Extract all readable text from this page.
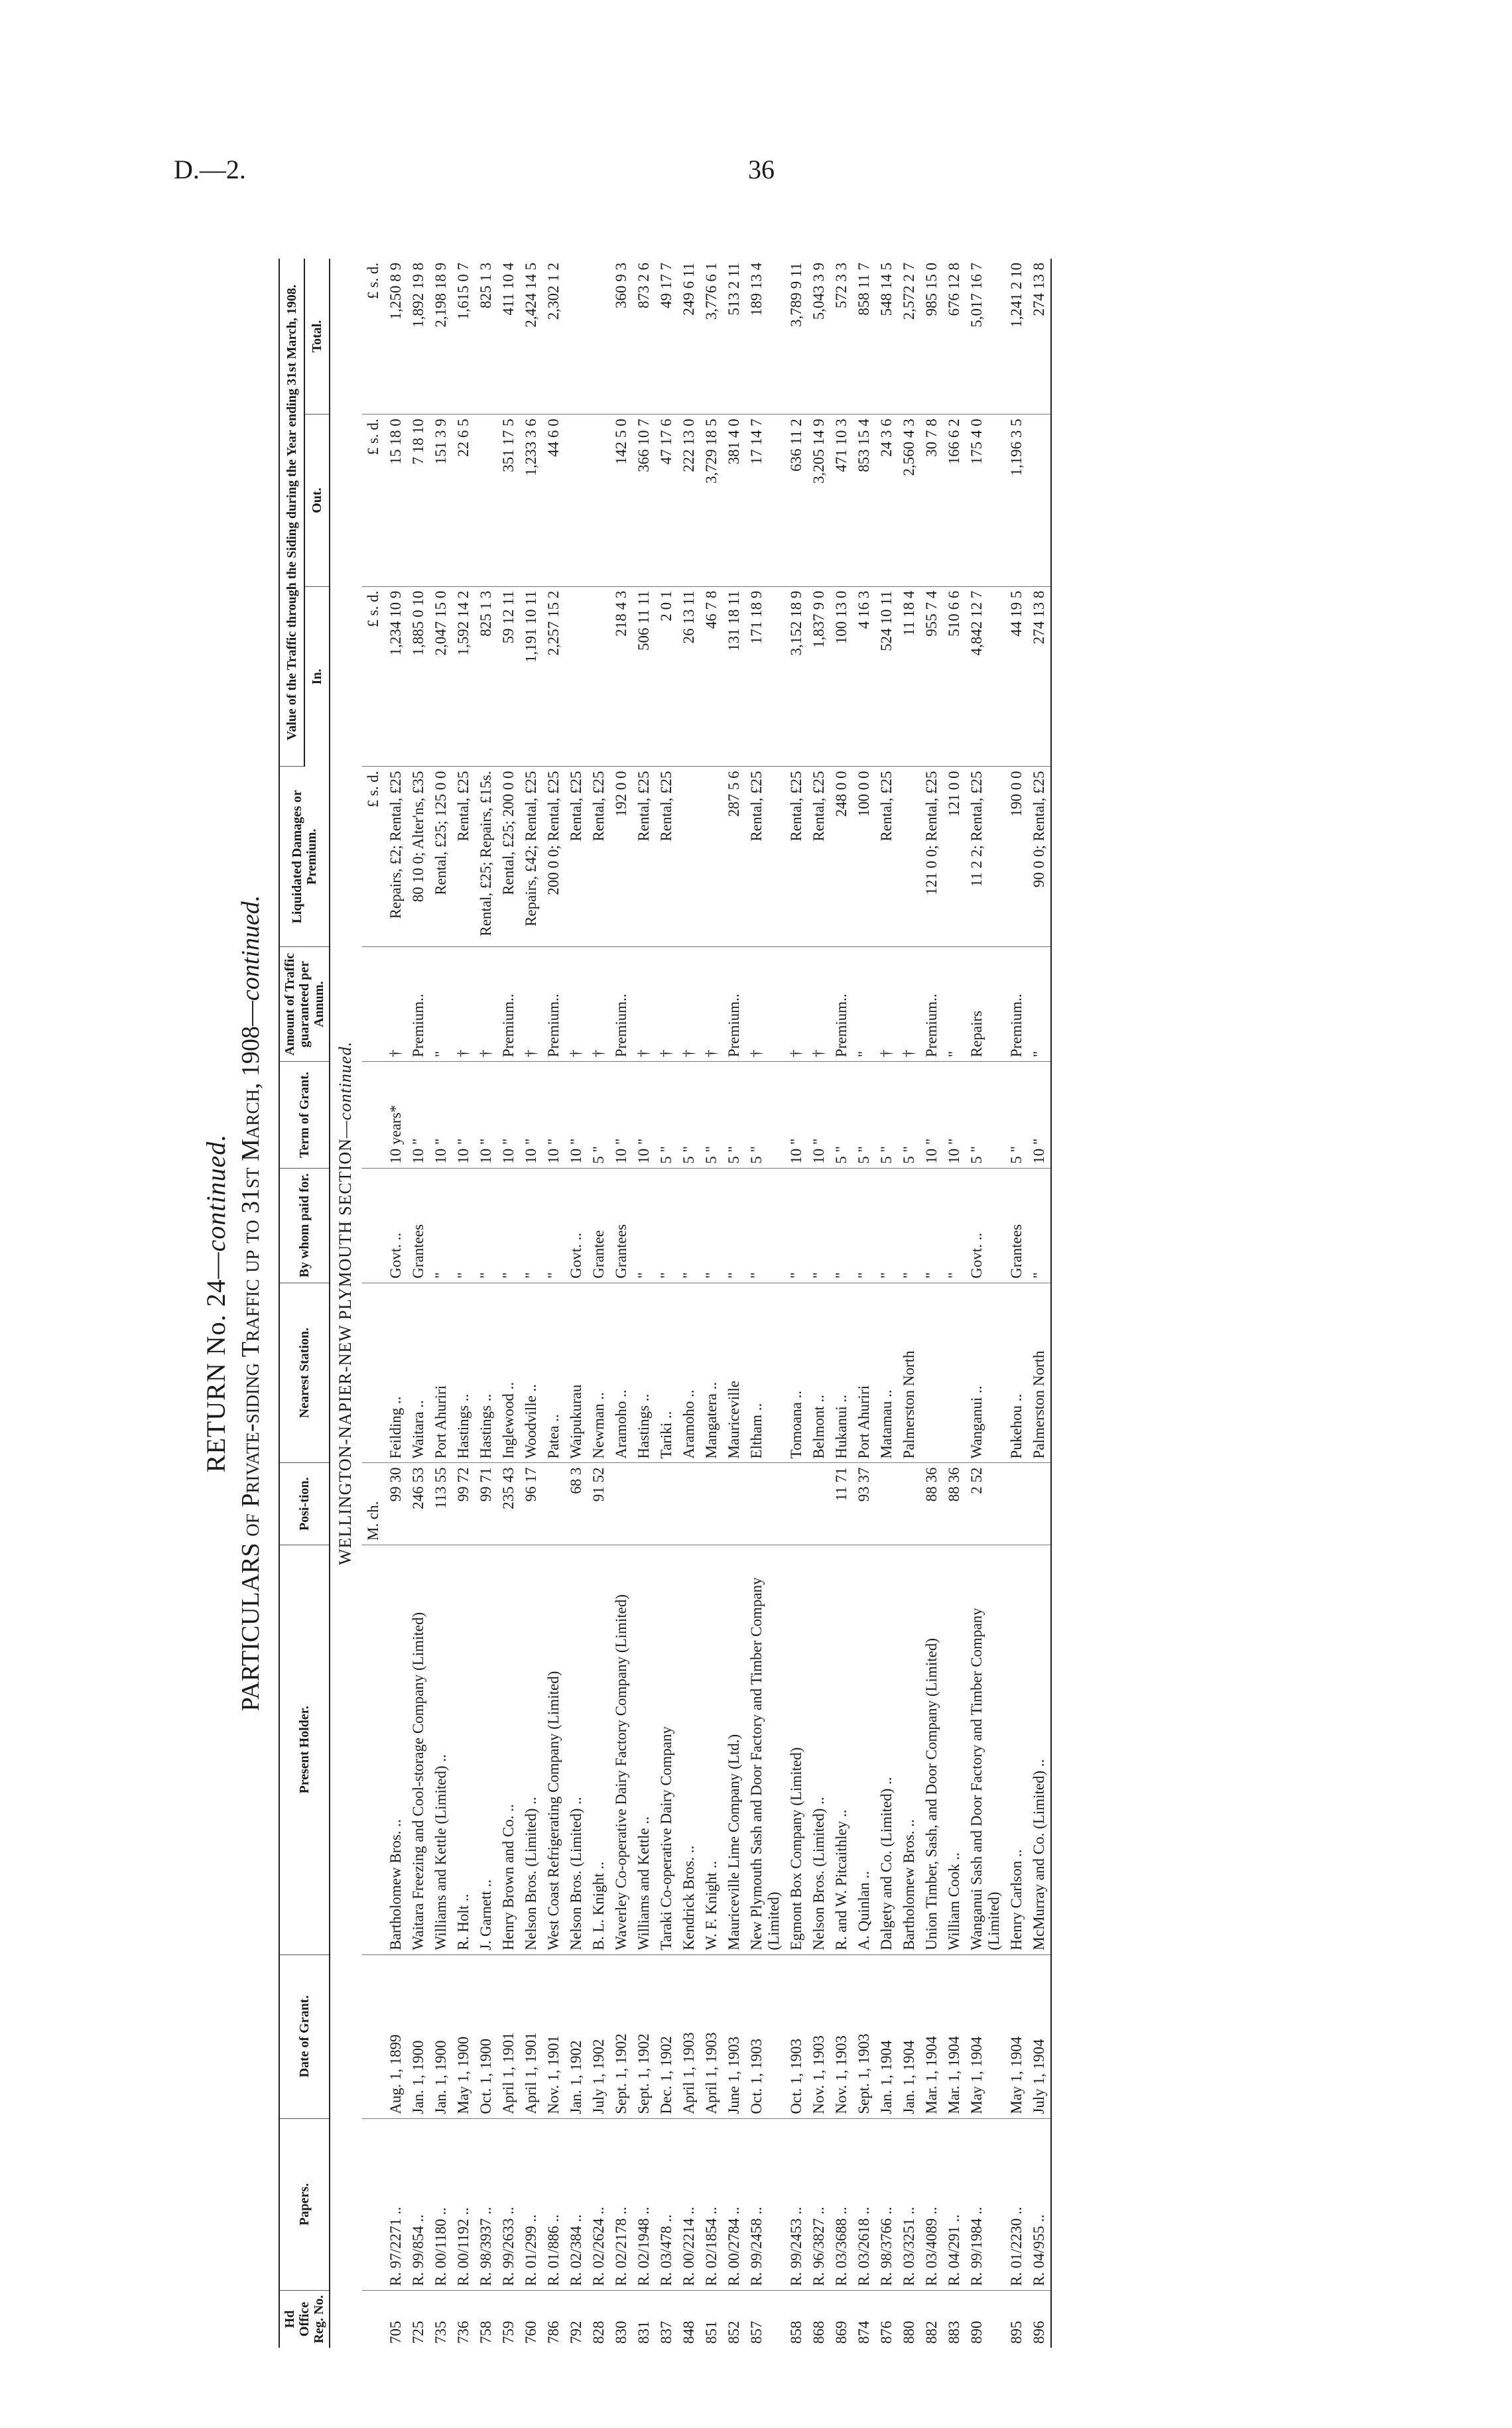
D.—2.	36
RETURN No. 24—continued. PARTICULARS of Private-siding Traffic up to 31st March, 1908—continued.
Hd Office Reg. No.	Papers.	Date of Grant.	Present Holder.	Posi-tion.	Nearest Station.	By whom paid for.	Term of Grant.	Amount of Traffic guaranteed per Annum.	Liquidated Damages or Premium.	Value of the Traffic through the Siding during the Year ending 31st March, 1908.		
										In.	Out.	Total.
WELLINGTON-NAPIER-NEW PLYMOUTH SECTION—continued.												
				M. ch.					£ s. d.	£ s. d.	£ s. d.	£ s. d.
705	R. 97/2271 ..	Aug. 1, 1899	Bartholomew Bros. ..	99 30	Feilding ..	Govt. ..	10 years*	†	Repairs, £2; Rental, £25	1,234 10 9	15 18 0	1,250 8 9
725	R. 99/854 ..	Jan. 1, 1900	Waitara Freezing and Cool-storage Company (Limited)	246 53	Waitara ..	Grantees	10 "	Premium..	80 10 0; Alter'ns, £35	1,885 0 10	7 18 10	1,892 19 8
735	R. 00/1180 ..	Jan. 1, 1900	Williams and Kettle (Limited) ..	113 55	Port Ahuriri	"	10 "	"	Rental, £25; 125 0 0	2,047 15 0	151 3 9	2,198 18 9
736	R. 00/1192 ..	May 1, 1900	R. Holt ..	99 72	Hastings ..	"	10 "	†	Rental, £25	1,592 14 2	22 6 5	1,615 0 7
758	R. 98/3937 ..	Oct. 1, 1900	J. Garnett ..	99 71	Hastings ..	"	10 "	†	Rental, £25; Repairs, £15s.	825 1 3		825 1 3
759	R. 99/2633 ..	April 1, 1901	Henry Brown and Co. ..	235 43	Inglewood ..	"	10 "	Premium..	Rental, £25; 200 0 0	59 12 11	351 17 5	411 10 4
760	R. 01/299 ..	April 1, 1901	Nelson Bros. (Limited) ..	96 17	Woodville ..	"	10 "	†	Repairs, £42; Rental, £25	1,191 10 11	1,233 3 6	2,424 14 5
786	R. 01/886 ..	Nov. 1, 1901	West Coast Refrigerating Company (Limited)		Patea ..	"	10 "	Premium..	200 0 0; Rental, £25	2,257 15 2	44 6 0	2,302 1 2
792	R. 02/384 ..	Jan. 1, 1902	Nelson Bros. (Limited) ..	68 3	Waipukurau	Govt. ..	10 "	†	Rental, £25			
828	R. 02/2624 ..	July 1, 1902	B. L. Knight ..	91 52	Newman ..	Grantee	5 "	†	Rental, £25			
830	R. 02/2178 ..	Sept. 1, 1902	Waverley Co-operative Dairy Factory Company (Limited)		Aramoho ..	Grantees	10 "	Premium..	192 0 0	218 4 3	142 5 0	360 9 3
831	R. 02/1948 ..	Sept. 1, 1902	Williams and Kettle ..		Hastings ..	"	10 "	†	Rental, £25	506 11 11	366 10 7	873 2 6
837	R. 03/478 ..	Dec. 1, 1902	Taraki Co-operative Dairy Company		Tariki ..	"	5 "	†	Rental, £25	2 0 1	47 17 6	49 17 7
848	R. 00/2214 ..	April 1, 1903	Kendrick Bros. ..		Aramoho ..	"	5 "	†		26 13 11	222 13 0	249 6 11
851	R. 02/1854 ..	April 1, 1903	W. F. Knight ..		Mangatera ..	"	5 "	†		46 7 8	3,729 18 5	3,776 6 1
852	R. 00/2784 ..	June 1, 1903	Mauriceville Lime Company (Ltd.)		Mauriceville	"	5 "	Premium..	287 5 6	131 18 11	381 4 0	513 2 11
857	R. 99/2458 ..	Oct. 1, 1903	New Plymouth Sash and Door Factory and Timber Company (Limited)		Eltham ..	"	5 "	†	Rental, £25	171 18 9	17 14 7	189 13 4
858	R. 99/2453 ..	Oct. 1, 1903	Egmont Box Company (Limited)		Tomoana ..	"	10 "	†	Rental, £25	3,152 18 9	636 11 2	3,789 9 11
868	R. 96/3827 ..	Nov. 1, 1903	Nelson Bros. (Limited) ..		Belmont ..	"	10 "	†	Rental, £25	1,837 9 0	3,205 14 9	5,043 3 9
869	R. 03/3688 ..	Nov. 1, 1903	R. and W. Pitcaithley ..	11 71	Hukanui ..	"	5 "	Premium..	248 0 0	100 13 0	471 10 3	572 3 3
874	R. 03/2618 ..	Sept. 1, 1903	A. Quinlan ..	93 37	Port Ahuriri	"	5 "	"	100 0 0	4 16 3	853 15 4	858 11 7
876	R. 98/3766 ..	Jan. 1, 1904	Dalgety and Co. (Limited) ..		Matamau ..	"	5 "	†	Rental, £25	524 10 11	24 3 6	548 14 5
880	R. 03/3251 ..	Jan. 1, 1904	Bartholomew Bros. ..		Palmerston North	"	5 "	†		11 18 4	2,560 4 3	2,572 2 7
882	R. 03/4089 ..	Mar. 1, 1904	Union Timber, Sash, and Door Company (Limited)	88 36		"	10 "	Premium..	121 0 0; Rental, £25	955 7 4	30 7 8	985 15 0
883	R. 04/291 ..	Mar. 1, 1904	William Cook ..	88 36		"	10 "	"	121 0 0	510 6 6	166 6 2	676 12 8
890	R. 99/1984 ..	May 1, 1904	Wanganui Sash and Door Factory and Timber Company (Limited)	2 52	Wanganui ..	Govt. ..	5 "	Repairs	11 2 2; Rental, £25	4,842 12 7	175 4 0	5,017 16 7
895	R. 01/2230 ..	May 1, 1904	Henry Carlson ..		Pukehou ..	Grantees	5 "	Premium..	190 0 0	44 19 5	1,196 3 5	1,241 2 10
896	R. 04/955 ..	July 1, 1904	McMurray and Co. (Limited) ..		Palmerston North	"	10 "	"	90 0 0; Rental, £25	274 13 8		274 13 8
